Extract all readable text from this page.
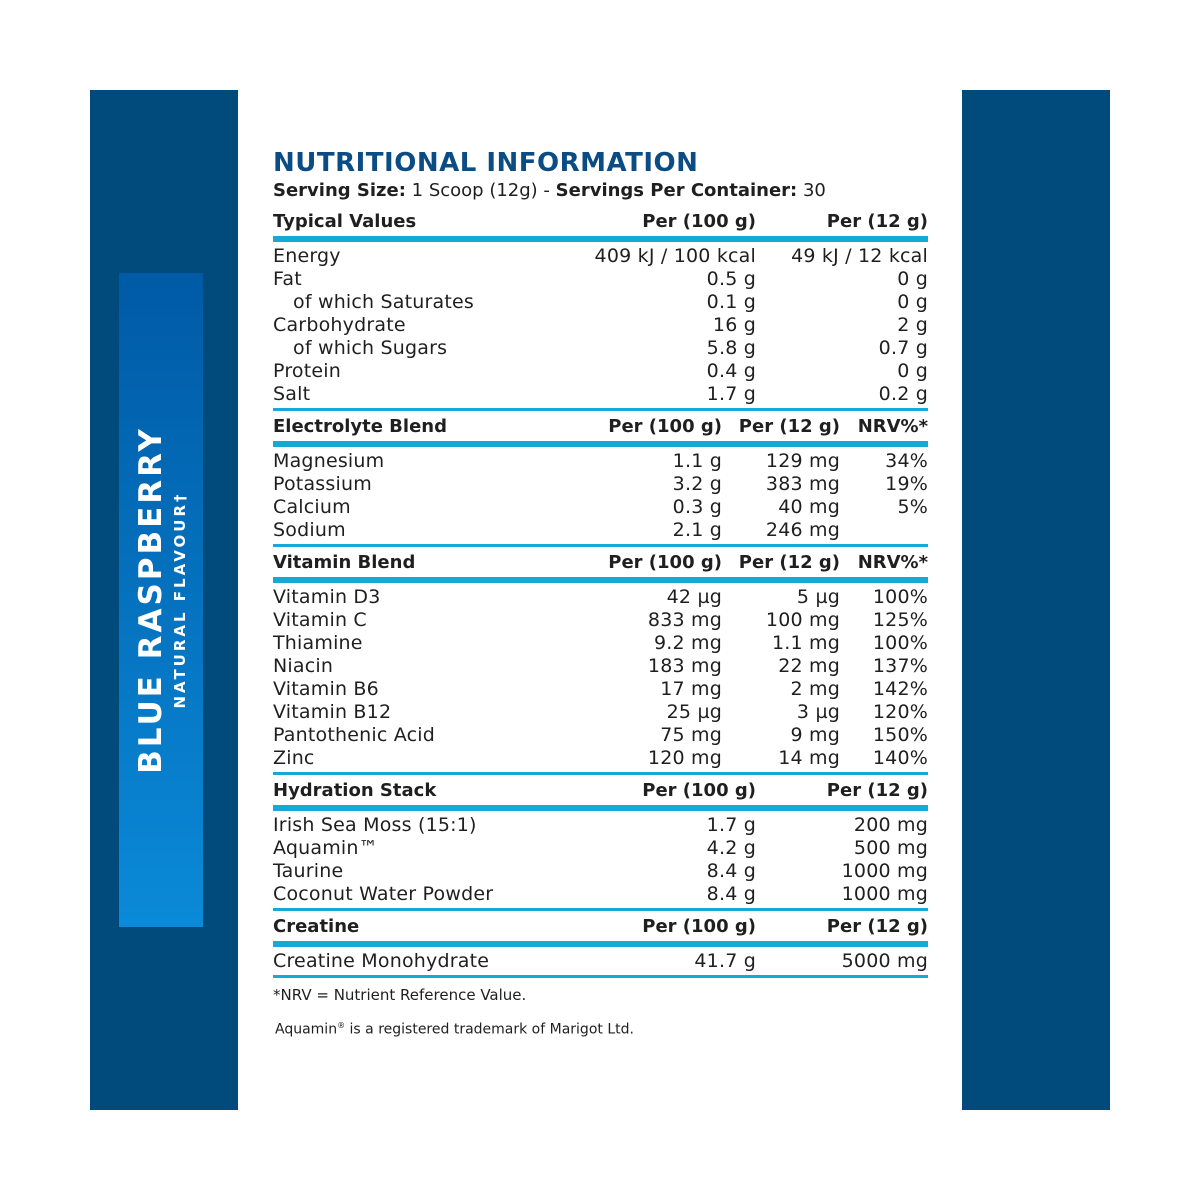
BLUE RASPBERRY NATURAL FLAVOUR†
NUTRITIONAL INFORMATION
Serving Size: 1 Scoop (12g) - Servings Per Container: 30
Typical Values	Per (100 g)	Per (12 g)
Energy	409 kJ / 100 kcal	49 kJ / 12 kcal
Fat	0.5 g	0 g
of which Saturates	0.1 g	0 g
Carbohydrate	16 g	2 g
of which Sugars	5.8 g	0.7 g
Protein	0.4 g	0 g
Salt	1.7 g	0.2 g
Electrolyte Blend	Per (100 g) Per (12 g) NRV%*
Magnesium	1.1 g	129 mg	34%
Potassium	3.2 g	383 mg	19%
Calcium	0.3 g	40 mg	5%
Sodium	2.1 g	246 mg
Vitamin Blend	Per (100 g) Per (12 g) NRV%*
Vitamin D3	42 µg	5 µg	100%
Vitamin C	833 mg	100 mg	125%
Thiamine	9.2 mg	1.1 mg	100%
Niacin	183 mg	22 mg	137%
Vitamin B6	17 mg	2 mg	142%
Vitamin B12	25 µg	3 µg	120%
Pantothenic Acid	75 mg	9 mg	150%
Zinc	120 mg	14 mg	140%
Hydration Stack	Per (100 g)	Per (12 g)
Irish Sea Moss (15:1)	1.7 g	200 mg
Aquamin™	4.2 g	500 mg
Taurine	8.4 g	1000 mg
Coconut Water Powder	8.4 g	1000 mg
Creatine	Per (100 g)	Per (12 g)
Creatine Monohydrate	41.7 g	5000 mg
*NRV = Nutrient Reference Value.
Aquamin® is a registered trademark of Marigot Ltd.
